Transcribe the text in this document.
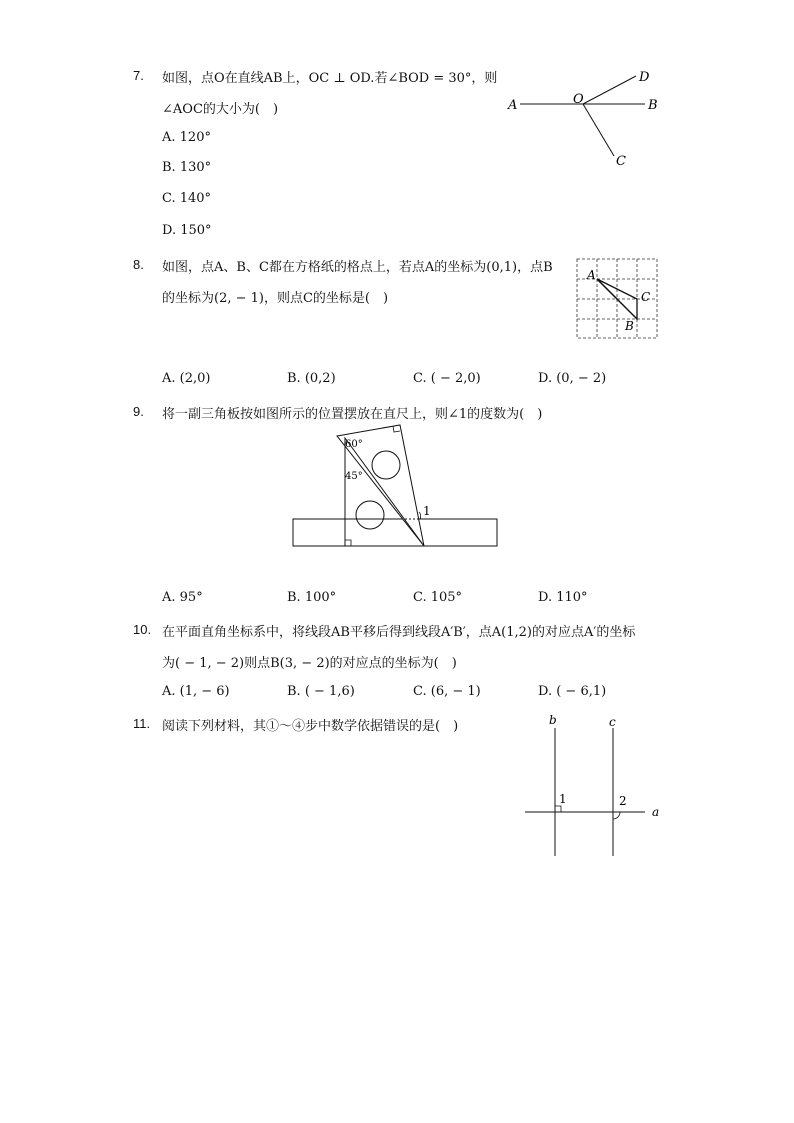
7. 如图，点O在直线AB上，OC ⊥ OD.若∠BOD = 30°，则
∠AOC的大小为(　)
A. 120°
B. 130°
C. 140°
D. 150°
A	O	B
D
C
8. 如图，点A、B、C都在方格纸的格点上，若点A的坐标为(0,1)，点B
的坐标为(2, − 1)，则点C的坐标是(　)
A
C
B
A. (2,0)	B. (0,2)	C. ( − 2,0)	D. (0, − 2)
9. 将一副三角板按如图所示的位置摆放在直尺上，则∠1的度数为(　)
60°
45°
1
A. 95°	B. 100°	C. 105°	D. 110°
10. 在平面直角坐标系中，将线段AB平移后得到线段A′B′，点A(1,2)的对应点A′的坐标
为( − 1, − 2)则点B(3, − 2)的对应点的坐标为(　)
A. (1, − 6)	B. ( − 1,6)	C. (6, − 1)	D. ( − 6,1)
11. 阅读下列材料，其①～④步中数学依据错误的是(　)	b	c
a
1	2
